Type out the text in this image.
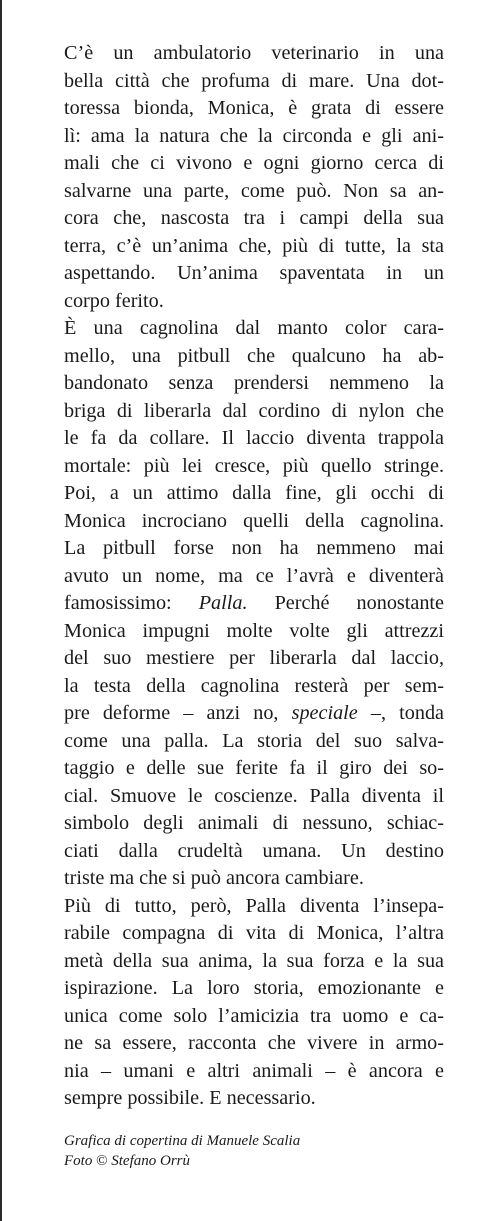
C’è un ambulatorio veterinario in una
bella città che profuma di mare. Una dot-
toressa bionda, Monica, è grata di essere
lì: ama la natura che la circonda e gli ani-
mali che ci vivono e ogni giorno cerca di
salvarne una parte, come può. Non sa an-
cora che, nascosta tra i campi della sua
terra, c’è un’anima che, più di tutte, la sta
aspettando. Un’anima spaventata in un
corpo ferito.
È una cagnolina dal manto color cara-
mello, una pitbull che qualcuno ha ab-
bandonato senza prendersi nemmeno la
briga di liberarla dal cordino di nylon che
le fa da collare. Il laccio diventa trappola
mortale: più lei cresce, più quello stringe.
Poi, a un attimo dalla fine, gli occhi di
Monica incrociano quelli della cagnolina.
La pitbull forse non ha nemmeno mai
avuto un nome, ma ce l’avrà e diventerà
famosissimo: Palla. Perché nonostante
Monica impugni molte volte gli attrezzi
del suo mestiere per liberarla dal laccio,
la testa della cagnolina resterà per sem-
pre deforme – anzi no, speciale –, tonda
come una palla. La storia del suo salva-
taggio e delle sue ferite fa il giro dei so-
cial. Smuove le coscienze. Palla diventa il
simbolo degli animali di nessuno, schiac-
ciati dalla crudeltà umana. Un destino
triste ma che si può ancora cambiare.
Più di tutto, però, Palla diventa l’insepa-
rabile compagna di vita di Monica, l’altra
metà della sua anima, la sua forza e la sua
ispirazione. La loro storia, emozionante e
unica come solo l’amicizia tra uomo e ca-
ne sa essere, racconta che vivere in armo-
nia – umani e altri animali – è ancora e
sempre possibile. E necessario.
Grafica di copertina di Manuele Scalia
Foto © Stefano Orrù
